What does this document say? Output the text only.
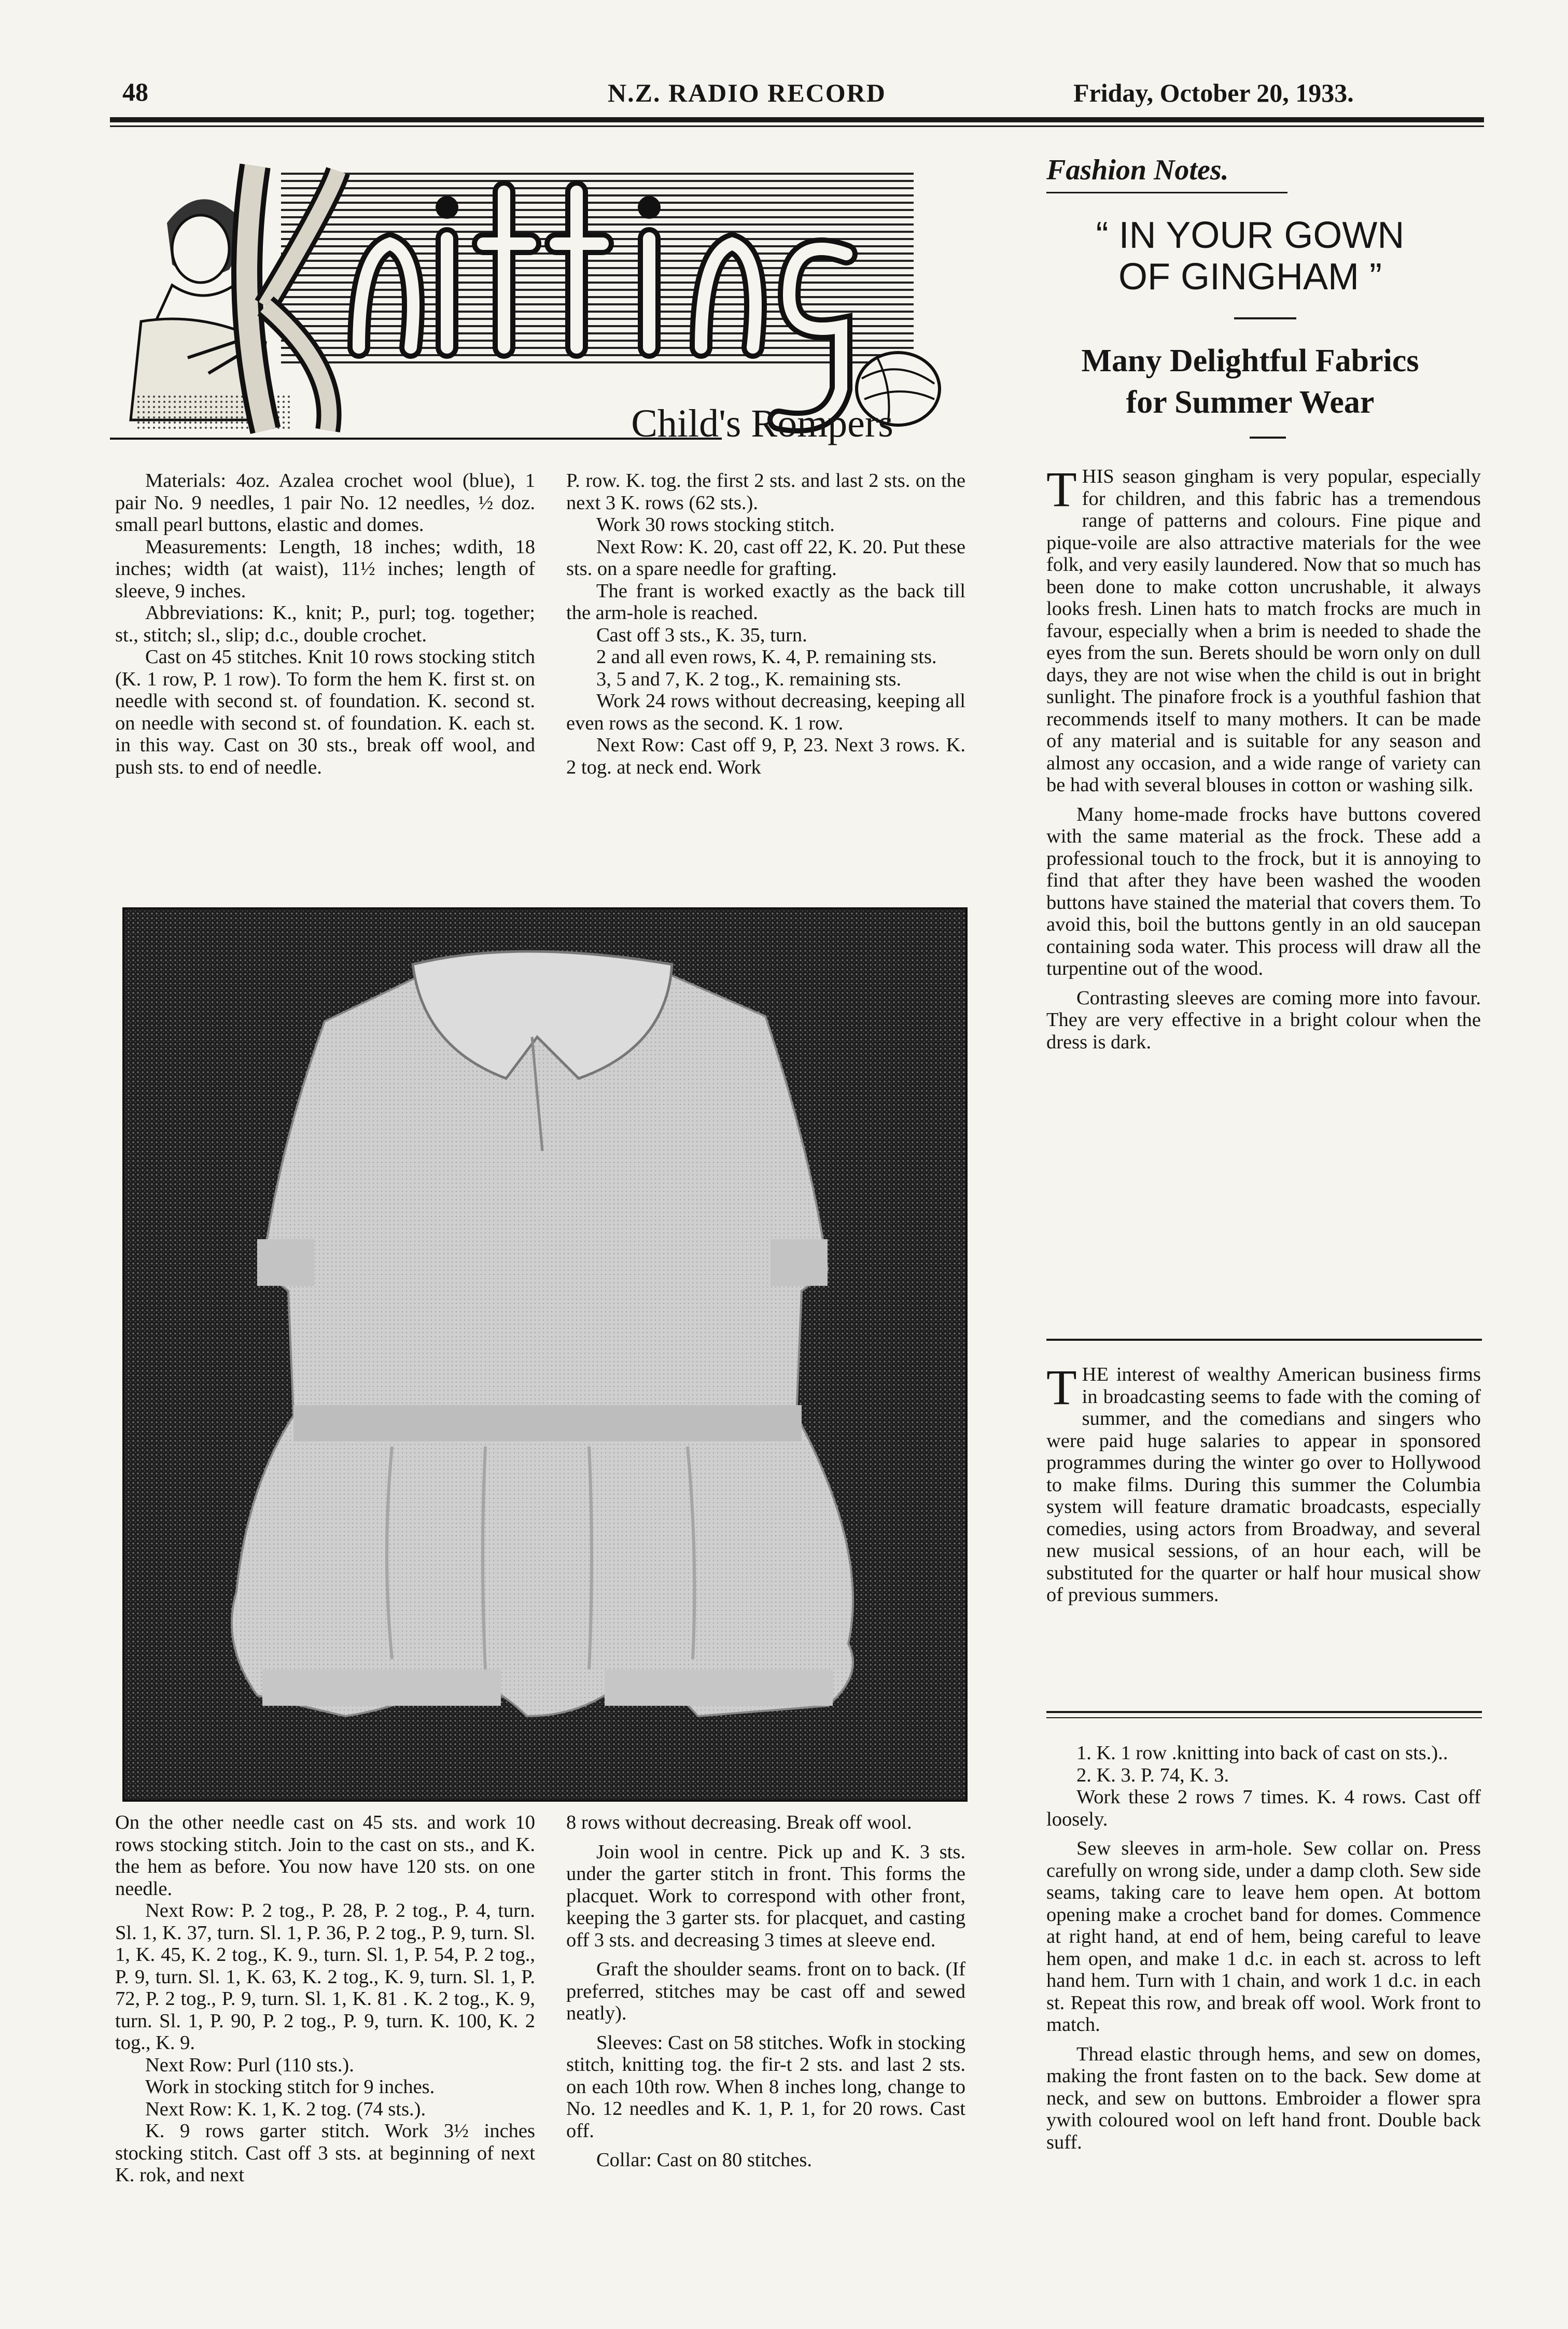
48	N.Z. RADIO RECORD	Friday, October 20, 1933.
Child's Rompers

Materials: 4oz. Azalea crochet wool (blue), 1 pair No. 9 needles, 1 pair No. 12 needles, ½ doz. small pearl buttons, elastic and domes.

Measurements: Length, 18 inches; wdith, 18 inches; width (at waist), 11½ inches; length of sleeve, 9 inches.

Abbreviations: K., knit; P., purl; tog. together; st., stitch; sl., slip; d.c., double crochet.

Cast on 45 stitches. Knit 10 rows stocking stitch (K. 1 row, P. 1 row). To form the hem K. first st. on needle with second st. of foundation. K. second st. on needle with second st. of foundation. K. each st. in this way. Cast on 30 sts., break off wool, and push sts. to end of needle.

P. row. K. tog. the first 2 sts. and last 2 sts. on the next 3 K. rows (62 sts.).

Work 30 rows stocking stitch.

Next Row: K. 20, cast off 22, K. 20. Put these sts. on a spare needle for grafting.

The frant is worked exactly as the back till the arm-hole is reached.

Cast off 3 sts., K. 35, turn.

2 and all even rows, K. 4, P. remaining sts.

3, 5 and 7, K. 2 tog., K. remaining sts.

Work 24 rows without decreasing, keeping all even rows as the second. K. 1 row.

Next Row: Cast off 9, P, 23. Next 3 rows. K. 2 tog. at neck end. Work

On the other needle cast on 45 sts. and work 10 rows stocking stitch. Join to the cast on sts., and K. the hem as before. You now have 120 sts. on one needle.

Next Row: P. 2 tog., P. 28, P. 2 tog., P. 4, turn. Sl. 1, K. 37, turn. Sl. 1, P. 36, P. 2 tog., P. 9, turn. Sl. 1, K. 45, K. 2 tog., K. 9., turn. Sl. 1, P. 54, P. 2 tog., P. 9, turn. Sl. 1, K. 63, K. 2 tog., K. 9, turn. Sl. 1, P. 72, P. 2 tog., P. 9, turn. Sl. 1, K. 81 . K. 2 tog., K. 9, turn. Sl. 1, P. 90, P. 2 tog., P. 9, turn. K. 100, K. 2 tog., K. 9.

Next Row: Purl (110 sts.).

Work in stocking stitch for 9 inches.

Next Row: K. 1, K. 2 tog. (74 sts.).

K. 9 rows garter stitch. Work 3½ inches stocking stitch. Cast off 3 sts. at beginning of next K. rok, and next

8 rows without decreasing. Break off wool.

Join wool in centre. Pick up and K. 3 sts. under the garter stitch in front. This forms the placquet. Work to correspond with other front, keeping the 3 garter sts. for placquet, and casting off 3 sts. and decreasing 3 times at sleeve end.

Graft the shoulder seams. front on to back. (If preferred, stitches may be cast off and sewed neatly).

Sleeves: Cast on 58 stitches. Wofk in stocking stitch, knitting tog. the fir-t 2 sts. and last 2 sts. on each 10th row. When 8 inches long, change to No. 12 needles and K. 1, P. 1, for 20 rows. Cast off.

Collar: Cast on 80 stitches.

Fashion Notes.
“ IN YOUR GOWN
OF GINGHAM ”
Many Delightful Fabrics
for Summer Wear

THIS season gingham is very popular, especially for children, and this fabric has a tremendous range of patterns and colours. Fine pique and pique-voile are also attractive materials for the wee folk, and very easily laundered. Now that so much has been done to make cotton uncrushable, it always looks fresh. Linen hats to match frocks are much in favour, especially when a brim is needed to shade the eyes from the sun. Berets should be worn only on dull days, they are not wise when the child is out in bright sunlight. The pinafore frock is a youthful fashion that recommends itself to many mothers. It can be made of any material and is suitable for any season and almost any occasion, and a wide range of variety can be had with several blouses in cotton or washing silk.

Many home-made frocks have buttons covered with the same material as the frock. These add a professional touch to the frock, but it is annoying to find that after they have been washed the wooden buttons have stained the material that covers them. To avoid this, boil the buttons gently in an old saucepan containing soda water. This process will draw all the turpentine out of the wood.

Contrasting sleeves are coming more into favour. They are very effective in a bright colour when the dress is dark.

THE interest of wealthy American business firms in broadcasting seems to fade with the coming of summer, and the comedians and singers who were paid huge salaries to appear in sponsored programmes during the winter go over to Hollywood to make films. During this summer the Columbia system will feature dramatic broadcasts, especially comedies, using actors from Broadway, and several new musical sessions, of an hour each, will be substituted for the quarter or half hour musical show of previous summers.

1. K. 1 row .knitting into back of cast on sts.)..

2. K. 3. P. 74, K. 3.

Work these 2 rows 7 times. K. 4 rows. Cast off loosely.

Sew sleeves in arm-hole. Sew collar on. Press carefully on wrong side, under a damp cloth. Sew side seams, taking care to leave hem open. At bottom opening make a crochet band for domes. Commence at right hand, at end of hem, being careful to leave hem open, and make 1 d.c. in each st. across to left hand hem. Turn with 1 chain, and work 1 d.c. in each st. Repeat this row, and break off wool. Work front to match.

Thread elastic through hems, and sew on domes, making the front fasten on to the back. Sew dome at neck, and sew on buttons. Embroider a flower spra ywith coloured wool on left hand front. Double back suff.
